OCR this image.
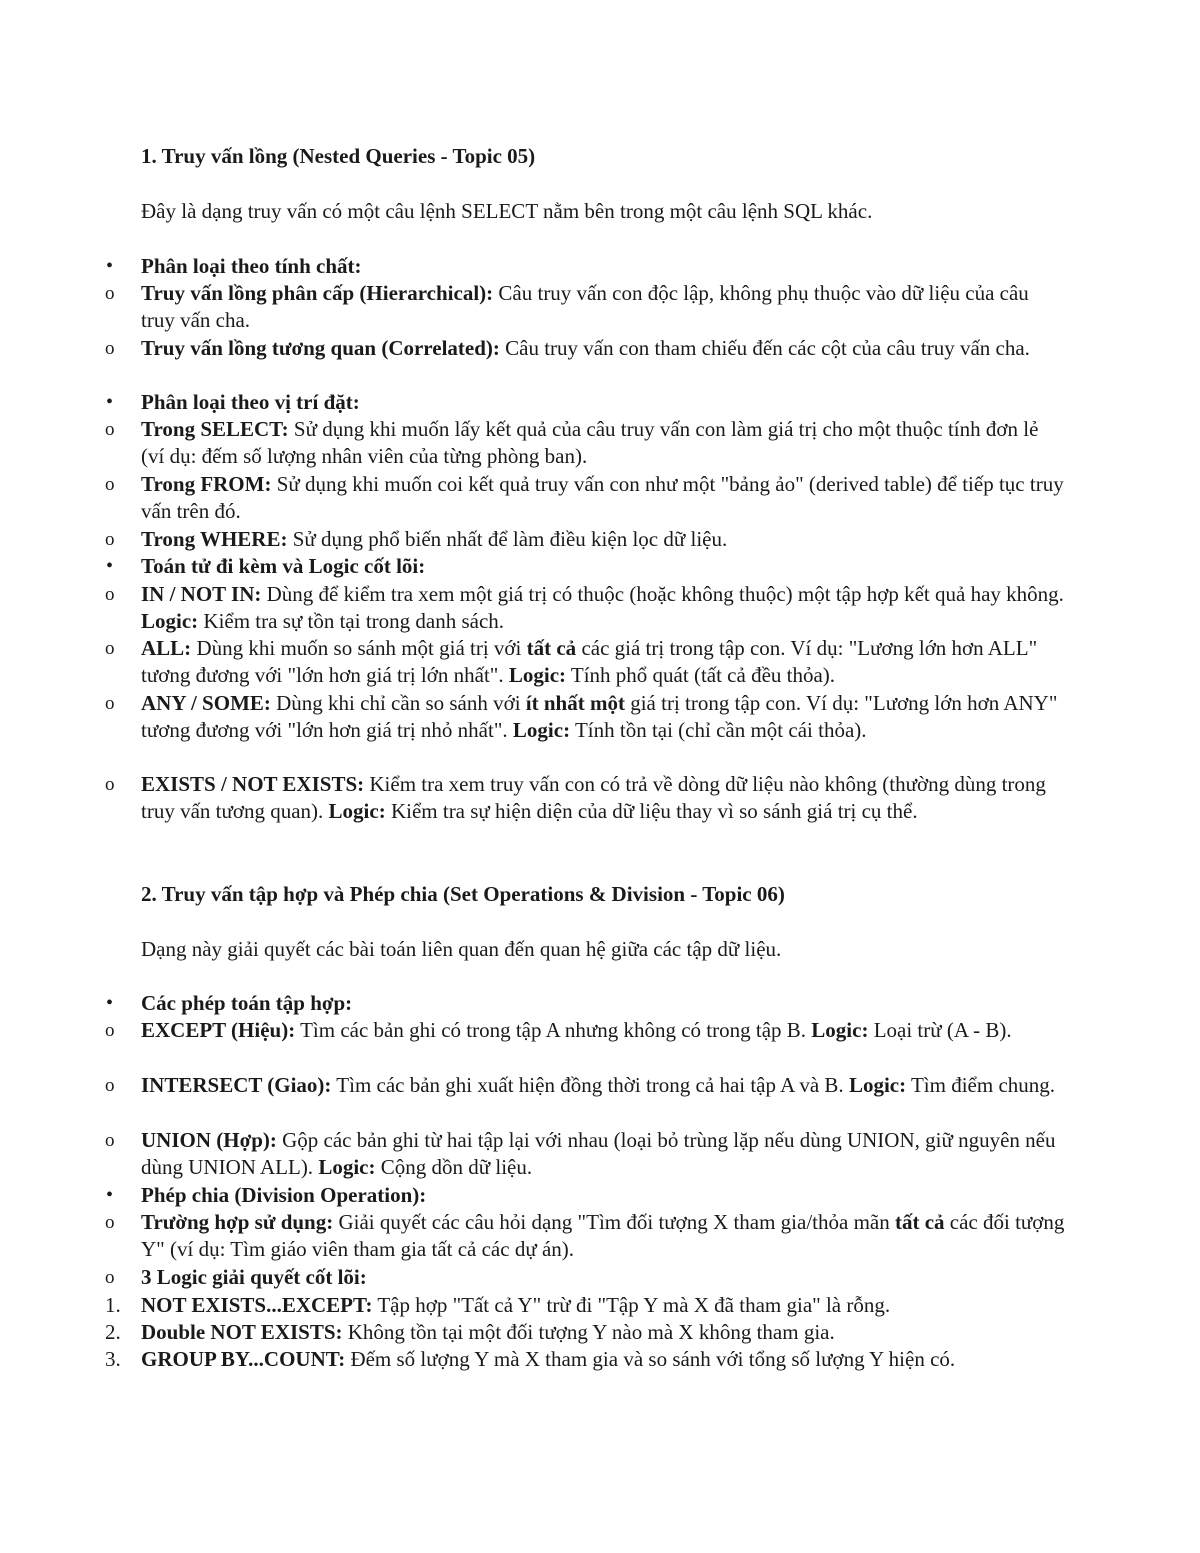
1. Truy vấn lồng (Nested Queries - Topic 05)
Đây là dạng truy vấn có một câu lệnh SELECT nằm bên trong một câu lệnh SQL khác.
•	Phân loại theo tính chất:
o	Truy vấn lồng phân cấp (Hierarchical): Câu truy vấn con độc lập, không phụ thuộc vào dữ liệu của câu truy vấn cha.
o	Truy vấn lồng tương quan (Correlated): Câu truy vấn con tham chiếu đến các cột của câu truy vấn cha.
•	Phân loại theo vị trí đặt:
o	Trong SELECT: Sử dụng khi muốn lấy kết quả của câu truy vấn con làm giá trị cho một thuộc tính đơn lẻ (ví dụ: đếm số lượng nhân viên của từng phòng ban).
o	Trong FROM: Sử dụng khi muốn coi kết quả truy vấn con như một "bảng ảo" (derived table) để tiếp tục truy vấn trên đó.
o	Trong WHERE: Sử dụng phổ biến nhất để làm điều kiện lọc dữ liệu.
•	Toán tử đi kèm và Logic cốt lõi:
o	IN / NOT IN: Dùng để kiểm tra xem một giá trị có thuộc (hoặc không thuộc) một tập hợp kết quả hay không. Logic: Kiểm tra sự tồn tại trong danh sách.
o	ALL: Dùng khi muốn so sánh một giá trị với tất cả các giá trị trong tập con. Ví dụ: "Lương lớn hơn ALL" tương đương với "lớn hơn giá trị lớn nhất". Logic: Tính phổ quát (tất cả đều thỏa).
o	ANY / SOME: Dùng khi chỉ cần so sánh với ít nhất một giá trị trong tập con. Ví dụ: "Lương lớn hơn ANY" tương đương với "lớn hơn giá trị nhỏ nhất". Logic: Tính tồn tại (chỉ cần một cái thỏa).
o	EXISTS / NOT EXISTS: Kiểm tra xem truy vấn con có trả về dòng dữ liệu nào không (thường dùng trong truy vấn tương quan). Logic: Kiểm tra sự hiện diện của dữ liệu thay vì so sánh giá trị cụ thể.
2. Truy vấn tập hợp và Phép chia (Set Operations & Division - Topic 06)
Dạng này giải quyết các bài toán liên quan đến quan hệ giữa các tập dữ liệu.
•	Các phép toán tập hợp:
o	EXCEPT (Hiệu): Tìm các bản ghi có trong tập A nhưng không có trong tập B. Logic: Loại trừ (A - B).
o	INTERSECT (Giao): Tìm các bản ghi xuất hiện đồng thời trong cả hai tập A và B. Logic: Tìm điểm chung.
o	UNION (Hợp): Gộp các bản ghi từ hai tập lại với nhau (loại bỏ trùng lặp nếu dùng UNION, giữ nguyên nếu dùng UNION ALL). Logic: Cộng dồn dữ liệu.
•	Phép chia (Division Operation):
o	Trường hợp sử dụng: Giải quyết các câu hỏi dạng "Tìm đối tượng X tham gia/thỏa mãn tất cả các đối tượng Y" (ví dụ: Tìm giáo viên tham gia tất cả các dự án).
o	3 Logic giải quyết cốt lõi:
1. NOT EXISTS...EXCEPT: Tập hợp "Tất cả Y" trừ đi "Tập Y mà X đã tham gia" là rỗng.
2. Double NOT EXISTS: Không tồn tại một đối tượng Y nào mà X không tham gia.
3. GROUP BY...COUNT: Đếm số lượng Y mà X tham gia và so sánh với tổng số lượng Y hiện có.
